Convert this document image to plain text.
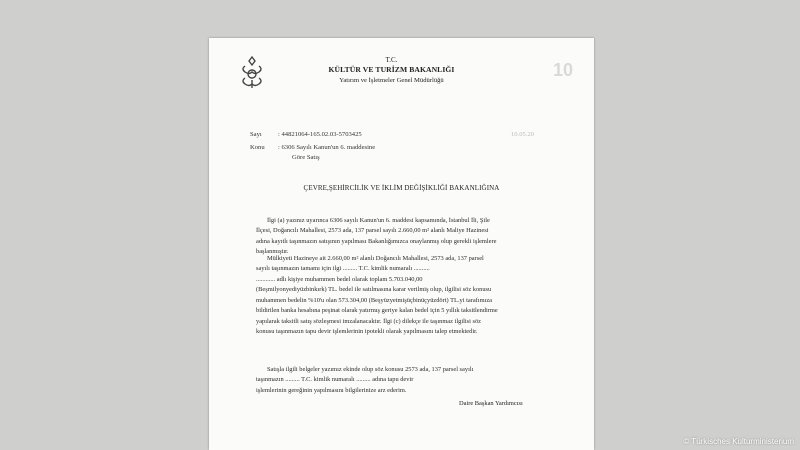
T.C.
KÜLTÜR VE TURİZM BAKANLIĞI
Yatırım ve İşletmeler Genel Müdürlüğü
10
Sayı : 44821064-165.02.03-5703425	10.05.20
Konu : 6306 Sayılı Kanun'un 6. maddesine
Göre Satış
ÇEVRE,ŞEHİRCİLİK VE İKLİM DEĞİŞİKLİĞİ BAKANLIĞINA
İlgi (a) yazınız uyarınca 6306 sayılı Kanun'un 6. maddesi kapsamında, İstanbul İli, Şile
İlçesi, Doğancılı Mahallesi, 2573 ada, 137 parsel sayılı 2.660,00 m² alanlı Maliye Hazinesi
adına kayıtlı taşınmazın satışının yapılması Bakanlığımızca onaylanmış olup gerekli işlemlere
başlanmıştır.
Mülkiyeti Hazineye ait 2.660,00 m² alanlı Doğancılı Mahallesi, 2573 ada, 137 parsel
sayılı taşınmazın tamamı için ilgi ......... T.C. kimlik numaralı ..........
............ adlı kişiye muhammen bedel olarak toplam 5.703.040,00
(Beşmilyonyediyüzbinkırk) TL. bedel ile satılmasına karar verilmiş olup, ilgilisi söz konusu
muhammen bedelin %10'u olan 573.304,00 (Beşyüzyetmişüçbinüçyüzdört) TL.yi tarafımıza
bildirilen banka hesabına peşinat olarak yatırmış geriye kalan bedel için 5 yıllık taksitlendirme
yapılarak taksitli satış sözleşmesi imzalanacaktır. İlgi (c) dilekçe ile taşınmaz ilgilisi söz
konusu taşınmazın tapu devir işlemlerinin ipotekli olarak yapılmasını talep etmektedir.
Satışla ilgili belgeler yazımız ekinde olup söz konusu 2573 ada, 137 parsel sayılı
taşınmazın ......... T.C. kimlik numaralı ......... adına tapu devir
işlemlerinin gereğinin yapılmasını bilgilerinize arz ederim.
Daire Başkan Yardımcısı
© Türkisches Kulturministerium
